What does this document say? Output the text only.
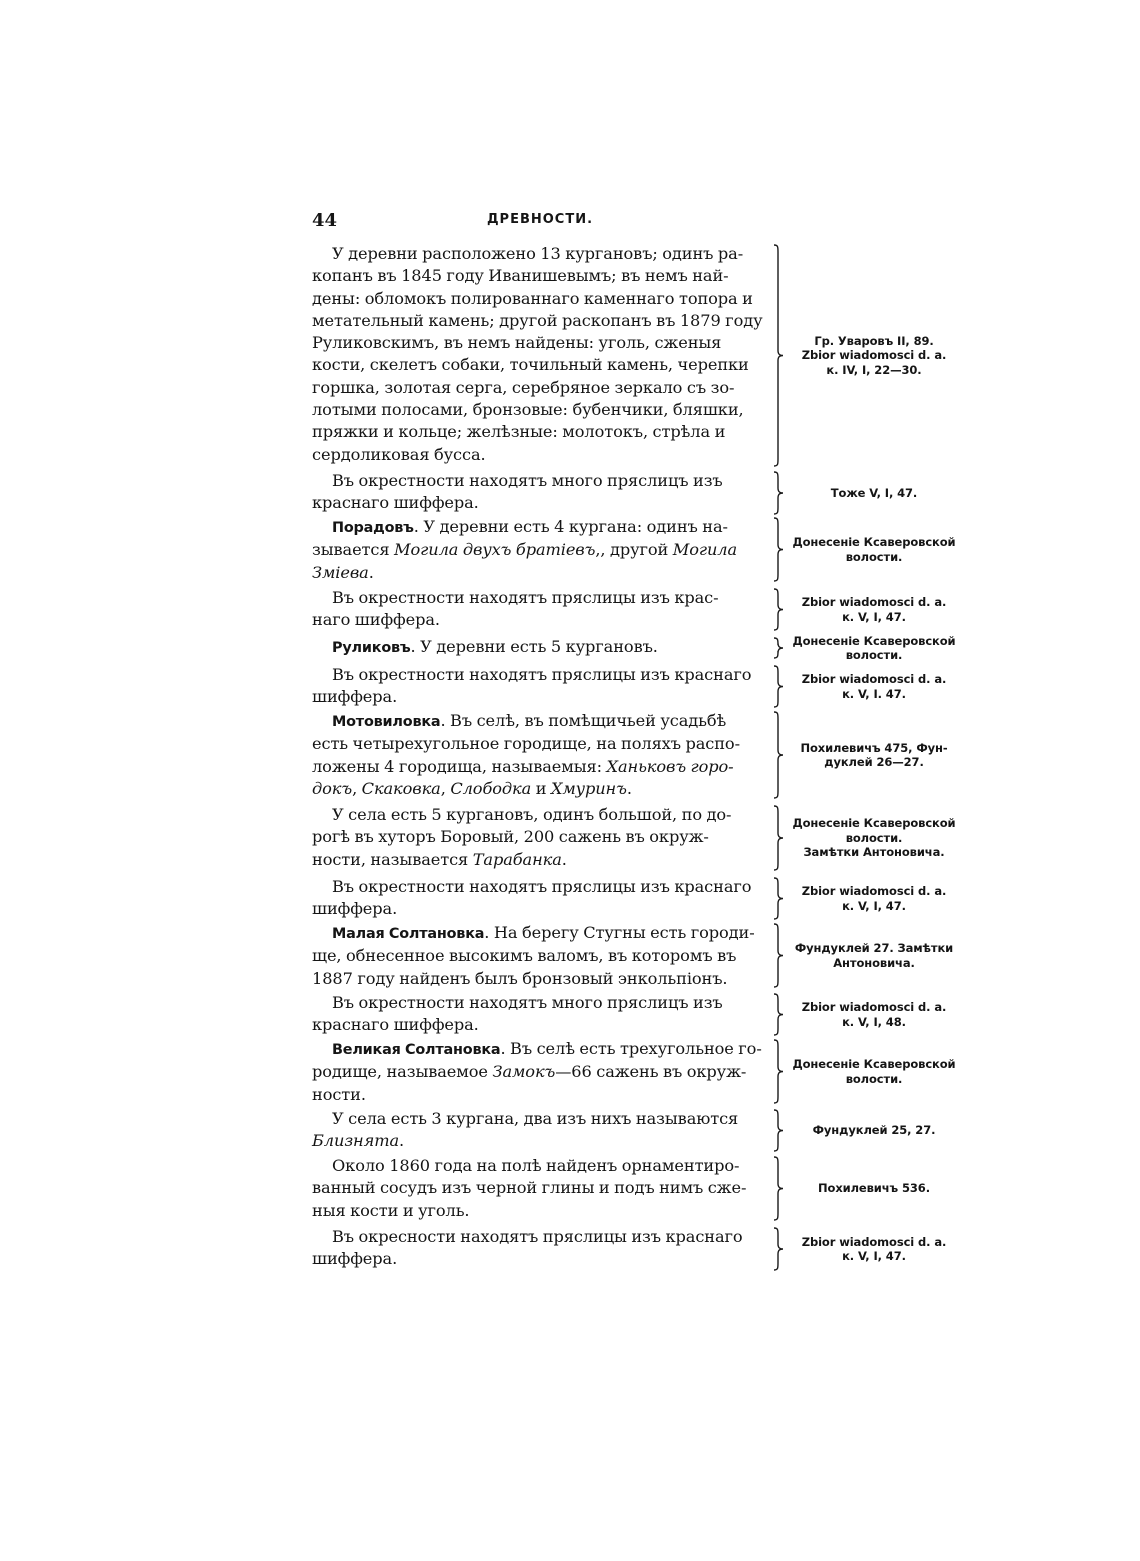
44	ДРЕВНОСТИ.
У деревни расположено 13 кургановъ; одинъ ра-
копанъ въ 1845 году Иванишевымъ; въ немъ най-
дены: обломокъ полированнаго каменнаго топора и
метательный камень; другой раскопанъ въ 1879 году
Руликовскимъ, въ немъ найдены: уголь, сженыя
кости, скелетъ собаки, точильный камень, черепки
горшка, золотая серга, серебряное зеркало съ зо-
лотыми полосами, бронзовые: бубенчики, бляшки,
пряжки и кольце; желѣзные: молотокъ, стрѣла и
сердоликовая бусса.
Гр. Уваровъ II, 89.
Zbior wiadomosci d. a.
к. IV, I, 22—30.
Въ окрестности находятъ много пряслицъ изъ
краснаго шиффера.
Тоже V, I, 47.
Порадовъ. У деревни есть 4 кургана: одинъ на-
зывается Могила двухъ братіевъ,, другой Могила
Зміева.
Донесеніе Ксаверовской
волости.
Въ окрестности находятъ пряслицы изъ крас-
наго шиффера.
Zbior wiadomosci d. a.
к. V, I, 47.
Руликовъ. У деревни есть 5 кургановъ.	Донесеніе Ксаверовской
волости.
Въ окрестности находятъ пряслицы изъ краснаго
шиффера.
Zbior wiadomosci d. a.
к. V, I. 47.
Мотовиловка. Въ селѣ, въ помѣщичьей усадьбѣ
есть четырехугольное городище, на поляхъ распо-
ложены 4 городища, называемыя: Ханьковъ горо-
докъ, Скаковка, Слободка и Хмуринъ.
Похилевичъ 475, Фун-
дуклей 26—27.
У села есть 5 кургановъ, одинъ большой, по до-
рогѣ въ хуторъ Боровый, 200 сажень въ окруж-
ности, называется Тарабанка.
Донесеніе Ксаверовской
волости.
Замѣтки Антоновича.
Въ окрестности находятъ пряслицы изъ краснаго
шиффера.
Zbior wiadomosci d. a.
к. V, I, 47.
Малая Солтановка. На берегу Стугны есть городи-
ще, обнесенное высокимъ валомъ, въ которомъ въ
1887 году найденъ былъ бронзовый энкольпіонъ.
Фундуклей 27. Замѣтки
Антоновича.
Въ окрестности находятъ много пряслицъ изъ
краснаго шиффера.
Zbior wiadomosci d. a.
к. V, I, 48.
Великая Солтановка. Въ селѣ есть трехугольное го-
родище, называемое Замокъ—66 сажень въ окруж-
ности.
Донесеніе Ксаверовской
волости.
У села есть 3 кургана, два изъ нихъ называются
Близнята.
Фундуклей 25, 27.
Около 1860 года на полѣ найденъ орнаментиро-
ванный сосудъ изъ черной глины и подъ нимъ сже-
ныя кости и уголь.
Похилевичъ 536.
Въ окресности находятъ пряслицы изъ краснаго
шиффера.
Zbior wiadomosci d. a.
к. V, I, 47.
